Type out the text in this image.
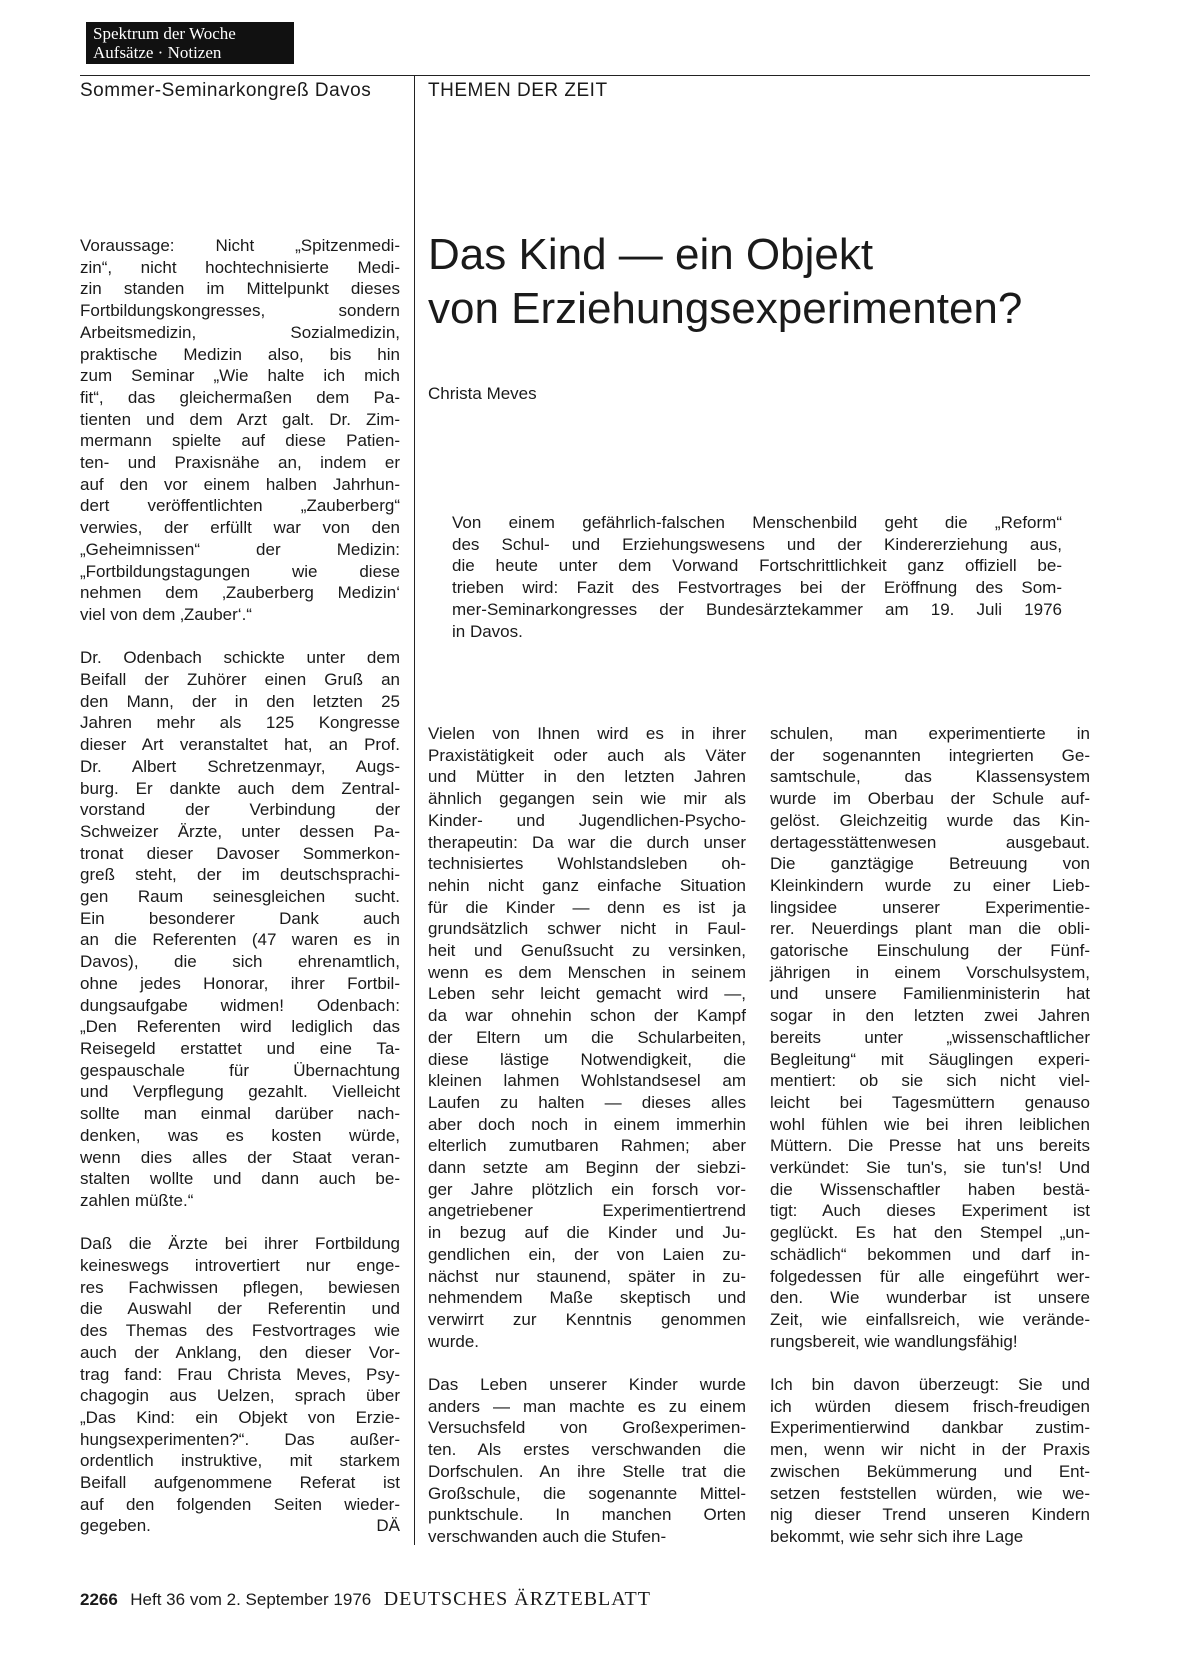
Spektrum der Woche
Aufsätze · Notizen
Sommer-Seminarkongreß Davos	THEMEN DER ZEIT
Das Kind — ein Objekt
von Erziehungsexperimenten?
Christa Meves
Von einem gefährlich-falschen Menschenbild geht die „Reform“
des Schul- und Erziehungswesens und der Kindererziehung aus,
die heute unter dem Vorwand Fortschrittlichkeit ganz offiziell be-
trieben wird: Fazit des Festvortrages bei der Eröffnung des Som-
mer-Seminarkongresses der Bundesärztekammer am 19. Juli 1976
in Davos.

Voraussage: Nicht „Spitzenmedi-
zin“, nicht hochtechnisierte Medi-
zin standen im Mittelpunkt dieses
Fortbildungskongresses, sondern
Arbeitsmedizin, Sozialmedizin,
praktische Medizin also, bis hin
zum Seminar „Wie halte ich mich
fit“, das gleichermaßen dem Pa-
tienten und dem Arzt galt. Dr. Zim-
mermann spielte auf diese Patien-
ten- und Praxisnähe an, indem er
auf den vor einem halben Jahrhun-
dert veröffentlichten „Zauberberg“
verwies, der erfüllt war von den
„Geheimnissen“ der Medizin:
„Fortbildungstagungen wie diese
nehmen dem ‚Zauberberg Medizin‘
viel von dem ‚Zauber‘.“

Dr. Odenbach schickte unter dem
Beifall der Zuhörer einen Gruß an
den Mann, der in den letzten 25
Jahren mehr als 125 Kongresse
dieser Art veranstaltet hat, an Prof.
Dr. Albert Schretzenmayr, Augs-
burg. Er dankte auch dem Zentral-
vorstand der Verbindung der
Schweizer Ärzte, unter dessen Pa-
tronat dieser Davoser Sommerkon-
greß steht, der im deutschsprachi-
gen Raum seinesgleichen sucht.
Ein besonderer Dank auch
an die Referenten (47 waren es in
Davos), die sich ehrenamtlich,
ohne jedes Honorar, ihrer Fortbil-
dungsaufgabe widmen! Odenbach:
„Den Referenten wird lediglich das
Reisegeld erstattet und eine Ta-
gespauschale für Übernachtung
und Verpflegung gezahlt. Vielleicht
sollte man einmal darüber nach-
denken, was es kosten würde,
wenn dies alles der Staat veran-
stalten wollte und dann auch be-
zahlen müßte.“

Daß die Ärzte bei ihrer Fortbildung
keineswegs introvertiert nur enge-
res Fachwissen pflegen, bewiesen
die Auswahl der Referentin und
des Themas des Festvortrages wie
auch der Anklang, den dieser Vor-
trag fand: Frau Christa Meves, Psy-
chagogin aus Uelzen, sprach über
„Das Kind: ein Objekt von Erzie-
hungsexperimenten?“. Das außer-
ordentlich instruktive, mit starkem
Beifall aufgenommene Referat ist
auf den folgenden Seiten wieder-
gegeben.	DÄ

Vielen von Ihnen wird es in ihrer
Praxistätigkeit oder auch als Väter
und Mütter in den letzten Jahren
ähnlich gegangen sein wie mir als
Kinder- und Jugendlichen-Psycho-
therapeutin: Da war die durch unser
technisiertes Wohlstandsleben oh-
nehin nicht ganz einfache Situation
für die Kinder — denn es ist ja
grundsätzlich schwer nicht in Faul-
heit und Genußsucht zu versinken,
wenn es dem Menschen in seinem
Leben sehr leicht gemacht wird —,
da war ohnehin schon der Kampf
der Eltern um die Schularbeiten,
diese lästige Notwendigkeit, die
kleinen lahmen Wohlstandsesel am
Laufen zu halten — dieses alles
aber doch noch in einem immerhin
elterlich zumutbaren Rahmen; aber
dann setzte am Beginn der siebzi-
ger Jahre plötzlich ein forsch vor-
angetriebener Experimentiertrend
in bezug auf die Kinder und Ju-
gendlichen ein, der von Laien zu-
nächst nur staunend, später in zu-
nehmendem Maße skeptisch und
verwirrt zur Kenntnis genommen
wurde.

Das Leben unserer Kinder wurde
anders — man machte es zu einem
Versuchsfeld von Großexperimen-
ten. Als erstes verschwanden die
Dorfschulen. An ihre Stelle trat die
Großschule, die sogenannte Mittel-
punktschule. In manchen Orten
verschwanden auch die Stufen-

schulen, man experimentierte in
der sogenannten integrierten Ge-
samtschule, das Klassensystem
wurde im Oberbau der Schule auf-
gelöst. Gleichzeitig wurde das Kin-
dertagesstättenwesen ausgebaut.
Die ganztägige Betreuung von
Kleinkindern wurde zu einer Lieb-
lingsidee unserer Experimentie-
rer. Neuerdings plant man die obli-
gatorische Einschulung der Fünf-
jährigen in einem Vorschulsystem,
und unsere Familienministerin hat
sogar in den letzten zwei Jahren
bereits unter „wissenschaftlicher
Begleitung“ mit Säuglingen experi-
mentiert: ob sie sich nicht viel-
leicht bei Tagesmüttern genauso
wohl fühlen wie bei ihren leiblichen
Müttern. Die Presse hat uns bereits
verkündet: Sie tun's, sie tun's! Und
die Wissenschaftler haben bestä-
tigt: Auch dieses Experiment ist
geglückt. Es hat den Stempel „un-
schädlich“ bekommen und darf in-
folgedessen für alle eingeführt wer-
den. Wie wunderbar ist unsere
Zeit, wie einfallsreich, wie verände-
rungsbereit, wie wandlungsfähig!

Ich bin davon überzeugt: Sie und
ich würden diesem frisch-freudigen
Experimentierwind dankbar zustim-
men, wenn wir nicht in der Praxis
zwischen Bekümmerung und Ent-
setzen feststellen würden, wie we-
nig dieser Trend unseren Kindern
bekommt, wie sehr sich ihre Lage

2266 Heft 36 vom 2. September 1976 DEUTSCHES ÄRZTEBLATT
